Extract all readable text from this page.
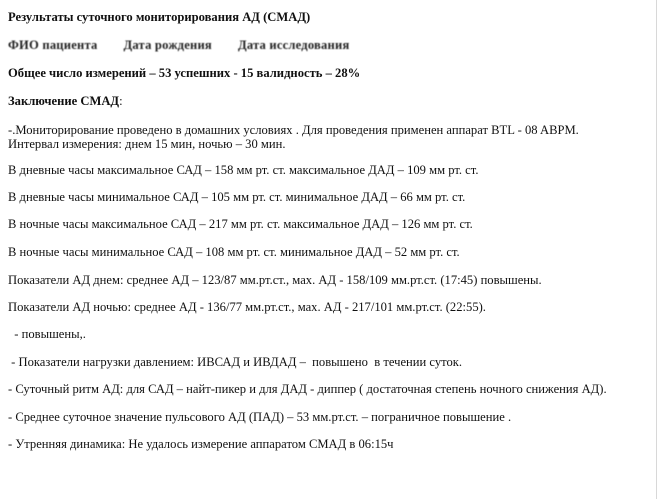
Результаты суточного мониторирования АД (СМАД)
ФИО пациента Дата рождения Дата исследования
Общее число измерений – 53 успешних - 15 валидность – 28%
Заключение СМАД:
-.Мониторирование проведено в домашних условиях . Для проведения применен аппарат BTL - 08 ABPM.
Интервал измерения: днем 15 мин, ночью – 30 мин.
В дневные часы максимальное САД – 158 мм рт. ст. максимальное ДАД – 109 мм рт. ст.
В дневные часы минимальное САД – 105 мм рт. ст. минимальное ДАД – 66 мм рт. ст.
В ночные часы максимальное САД – 217 мм рт. ст. максимальное ДАД – 126 мм рт. ст.
В ночные часы минимальное САД – 108 мм рт. ст. минимальное ДАД – 52 мм рт. ст.
Показатели АД днем: среднее АД – 123/87 мм.рт.ст., мах. АД - 158/109 мм.рт.ст. (17:45) повышены.
Показатели АД ночью: среднее АД - 136/77 мм.рт.ст., мах. АД - 217/101 мм.рт.ст. (22:55).
- повышены,.
- Показатели нагрузки давлением: ИВСАД и ИВДАД –  повышено  в течении суток.
- Суточный ритм АД: для САД – найт-пикер и для ДАД - диппер ( достаточная степень ночного снижения АД).
- Среднее суточное значение пульсового АД (ПАД) – 53 мм.рт.ст. – пограничное повышение .
- Утренняя динамика: Не удалось измерение аппаратом СМАД в 06:15ч
